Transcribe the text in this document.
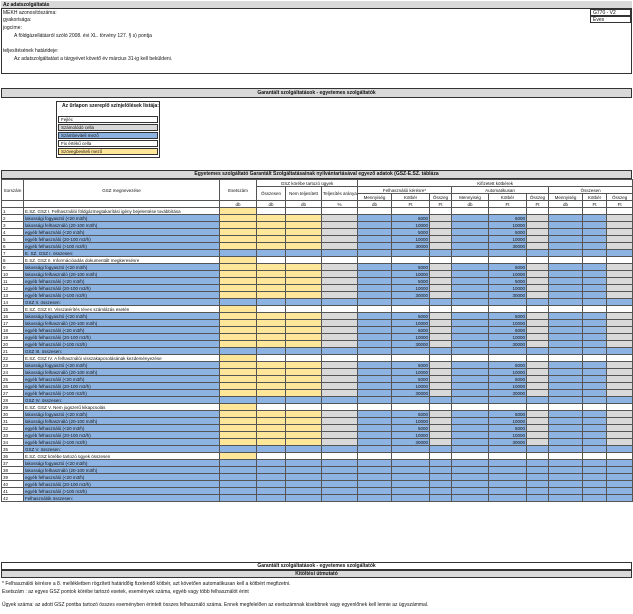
Az adatszolgáltatás
MEKH azonosítószáma:	G770 - V2
gyakorisága:	Éves
jogcíme:
A földgázellátásról szóló 2008. évi XL. törvény 127. § s) pontja
teljesítésének határideje:
Az adatszolgáltatást a tárgyévet követő év március 31-ig kell beküldeni.
Garantált szolgáltatások - egyetemes szolgáltatók
Az űrlapon szereplő színjelölések listája:
Fejléc
Számolódó cella
Számbeviteli mező
Fix értékű cella
Szövegbeviteli mező
Egyetemes szolgáltató Garantált Szolgáltatásainak nyilvántartásával egyező adatok (GSZ-E.SZ. tábláza
Sorszám	GSZ megnevezése	Esetszám	GSZ körébe tartozó ügyek			Kifizetett kötbérek								
			Összesen	Nem teljesített	Teljesítés aránya	Felhasználói kérésre*			Automatikusan			Összesen		
						Mennyiség	Kötbér	Összeg	Mennyiség	Kötbér	Összeg	Mennyiség	Kötbér	Összeg
		db	db	db	%	db	Ft	Ft	db	Ft	Ft	db	Ft	Ft
1	E.SZ. GSZ I. Felhasználói földgázmegtakarítási igény bejelentése továbbítása													
2	lakossági fogyasztó (<20 m3/h)						5000			5000				
3	lakossági felhasználó (20-100 m3/h)						10000			10000				
4	egyéb felhasználó (<20 m3/h)						5000			5000				
5	egyéb felhasználó (20-100 m3/h)						10000			10000				
6	egyéb felhasználó (>100 m3/h)						30000			30000				
7	E. SZ. GSZ I. összesen:													
8	E.SZ. GSZ II. Információadás dokumentált megkeresésre													
9	lakossági fogyasztó (<20 m3/h)						5000			5000				
10	lakossági felhasználó (20-100 m3/h)						10000			10000				
11	egyéb felhasználó (<20 m3/h)						5000			5000				
12	egyéb felhasználó (20-100 m3/h)						10000			10000				
13	egyéb felhasználó (>100 m3/h)						30000			30000				
14	GSZ II. összesen:													
15	E.SZ. GSZ III. Visszatérítés téves számlázás esetén													
16	lakossági fogyasztó (<20 m3/h)						5000			5000				
17	lakossági felhasználó (20-100 m3/h)						10000			10000				
18	egyéb felhasználó (<20 m3/h)						5000			5000				
19	egyéb felhasználó (20-100 m3/h)						10000			10000				
20	egyéb felhasználó (>100 m3/h)						30000			30000				
21	GSZ III. összesen:													
22	E.SZ. GSZ IV. A felhasználói visszakapcsolásának kezdeményezése													
23	lakossági fogyasztó (<20 m3/h)						5000			5000				
24	lakossági felhasználó (20-100 m3/h)						10000			10000				
25	egyéb felhasználó (<20 m3/h)						5000			5000				
26	egyéb felhasználó (20-100 m3/h)						10000			10000				
27	egyéb felhasználó (>100 m3/h)						30000			30000				
28	GSZ IV. összesen:													
29	E.SZ. GSZ V. Nem jogszerű kikapcsolás													
30	lakossági fogyasztó (<20 m3/h)						5000			5000				
31	lakossági felhasználó (20-100 m3/h)						10000			10000				
32	egyéb felhasználó (<20 m3/h)						5000			5000				
33	egyéb felhasználó (20-100 m3/h)						10000			10000				
34	egyéb felhasználó (>100 m3/h)						30000			30000				
35	GSZ V. összesen:													
36	E.SZ. GSZ körébe tartozó ügyek összesen													
37	lakossági fogyasztó (<20 m3/h)													
38	lakossági felhasználó (20-100 m3/h)													
39	egyéb felhasználó (<20 m3/h)													
40	egyéb felhasználó (20-100 m3/h)													
41	egyéb felhasználó (>100 m3/h)													
42	Felhasználók összesen:													
Garantált szolgáltatások - egyetemes szolgáltatók
Kitöltési útmutató
* Felhasználói kérésre a 8. mellékletben rögzített határidőig fizetendő kötbér, azt követően automatikusan kell a kötbért megfizetni.
Esetszám : az egyes GSZ pontok körébe tartozó esetek, események száma, egyéb vagy több felhasználót érint
Ügyek száma: az adott GSZ pontba tartozó összes eseményben érintett összes felhasználó száma. Ennek megfelelően az esetszámnak kisebbnek vagy egyenlőnek kell lennie az ügyszámmal.
